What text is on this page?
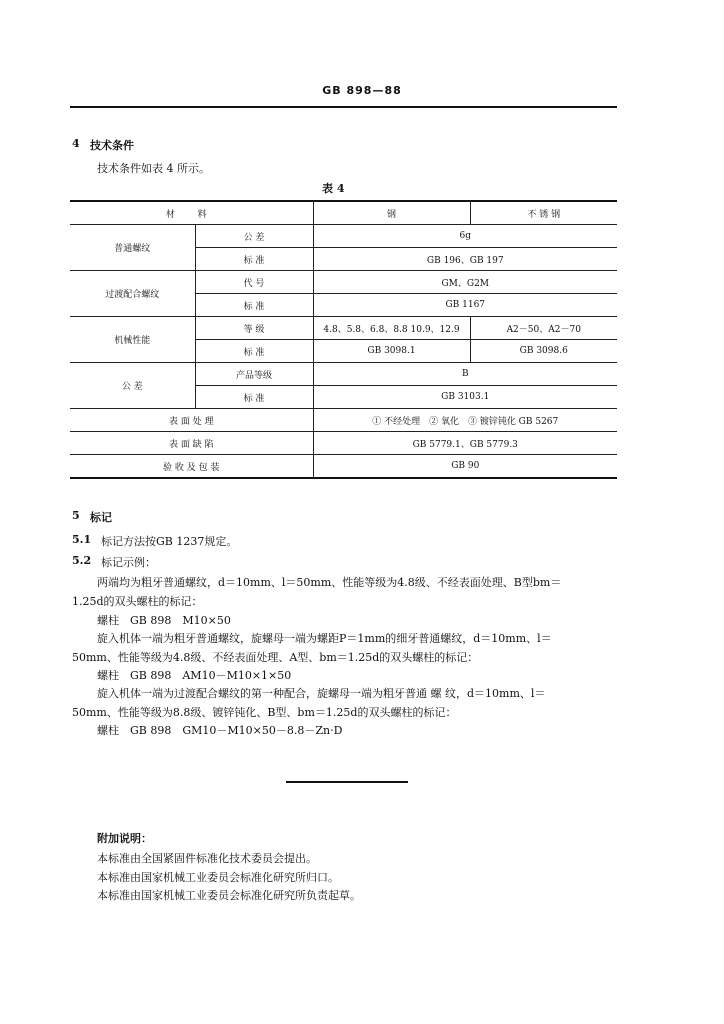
GB 898—88
4 技术条件
技术条件如表 4 所示。
表 4
材 料		钢	不 锈 钢
普通螺纹	公 差	6g	
	标 准	GB 196、GB 197	
过渡配合螺纹	代 号	GM、G2M	
	标 准	GB 1167	
机械性能	等 级	4.8、5.8、6.8、8.8 10.9、12.9	A2－50、A2－70
	标 准	GB 3098.1	GB 3098.6
公 差	产品等级	B	
	标 准	GB 3103.1	
表 面 处 理		① 不经处理　② 氧化　③ 镀锌钝化 GB 5267	
表 面 缺 陷		GB 5779.1、GB 5779.3	
验 收 及 包 装		GB 90	
5 标记
5.1 标记方法按GB 1237规定。
5.2 标记示例：
两端均为粗牙普通螺纹，d＝10mm、l＝50mm、性能等级为4.8级、不经表面处理、B型bm＝
1.25d的双头螺柱的标记：
螺柱　GB 898　M10×50
旋入机体一端为粗牙普通螺纹，旋螺母一端为螺距P＝1mm的细牙普通螺纹，d＝10mm、l＝
50mm、性能等级为4.8级、不经表面处理、A型、bm＝1.25d的双头螺柱的标记：
螺柱　GB 898　AM10－M10×1×50
旋入机体一端为过渡配合螺纹的第一种配合，旋螺母一端为粗牙普通 螺 纹，d＝10mm、l＝
50mm、性能等级为8.8级、镀锌钝化、B型、bm＝1.25d的双头螺柱的标记：
螺柱　GB 898　GM10－M10×50－8.8－Zn·D
附加说明：
本标准由全国紧固件标准化技术委员会提出。
本标准由国家机械工业委员会标准化研究所归口。
本标准由国家机械工业委员会标准化研究所负责起草。
